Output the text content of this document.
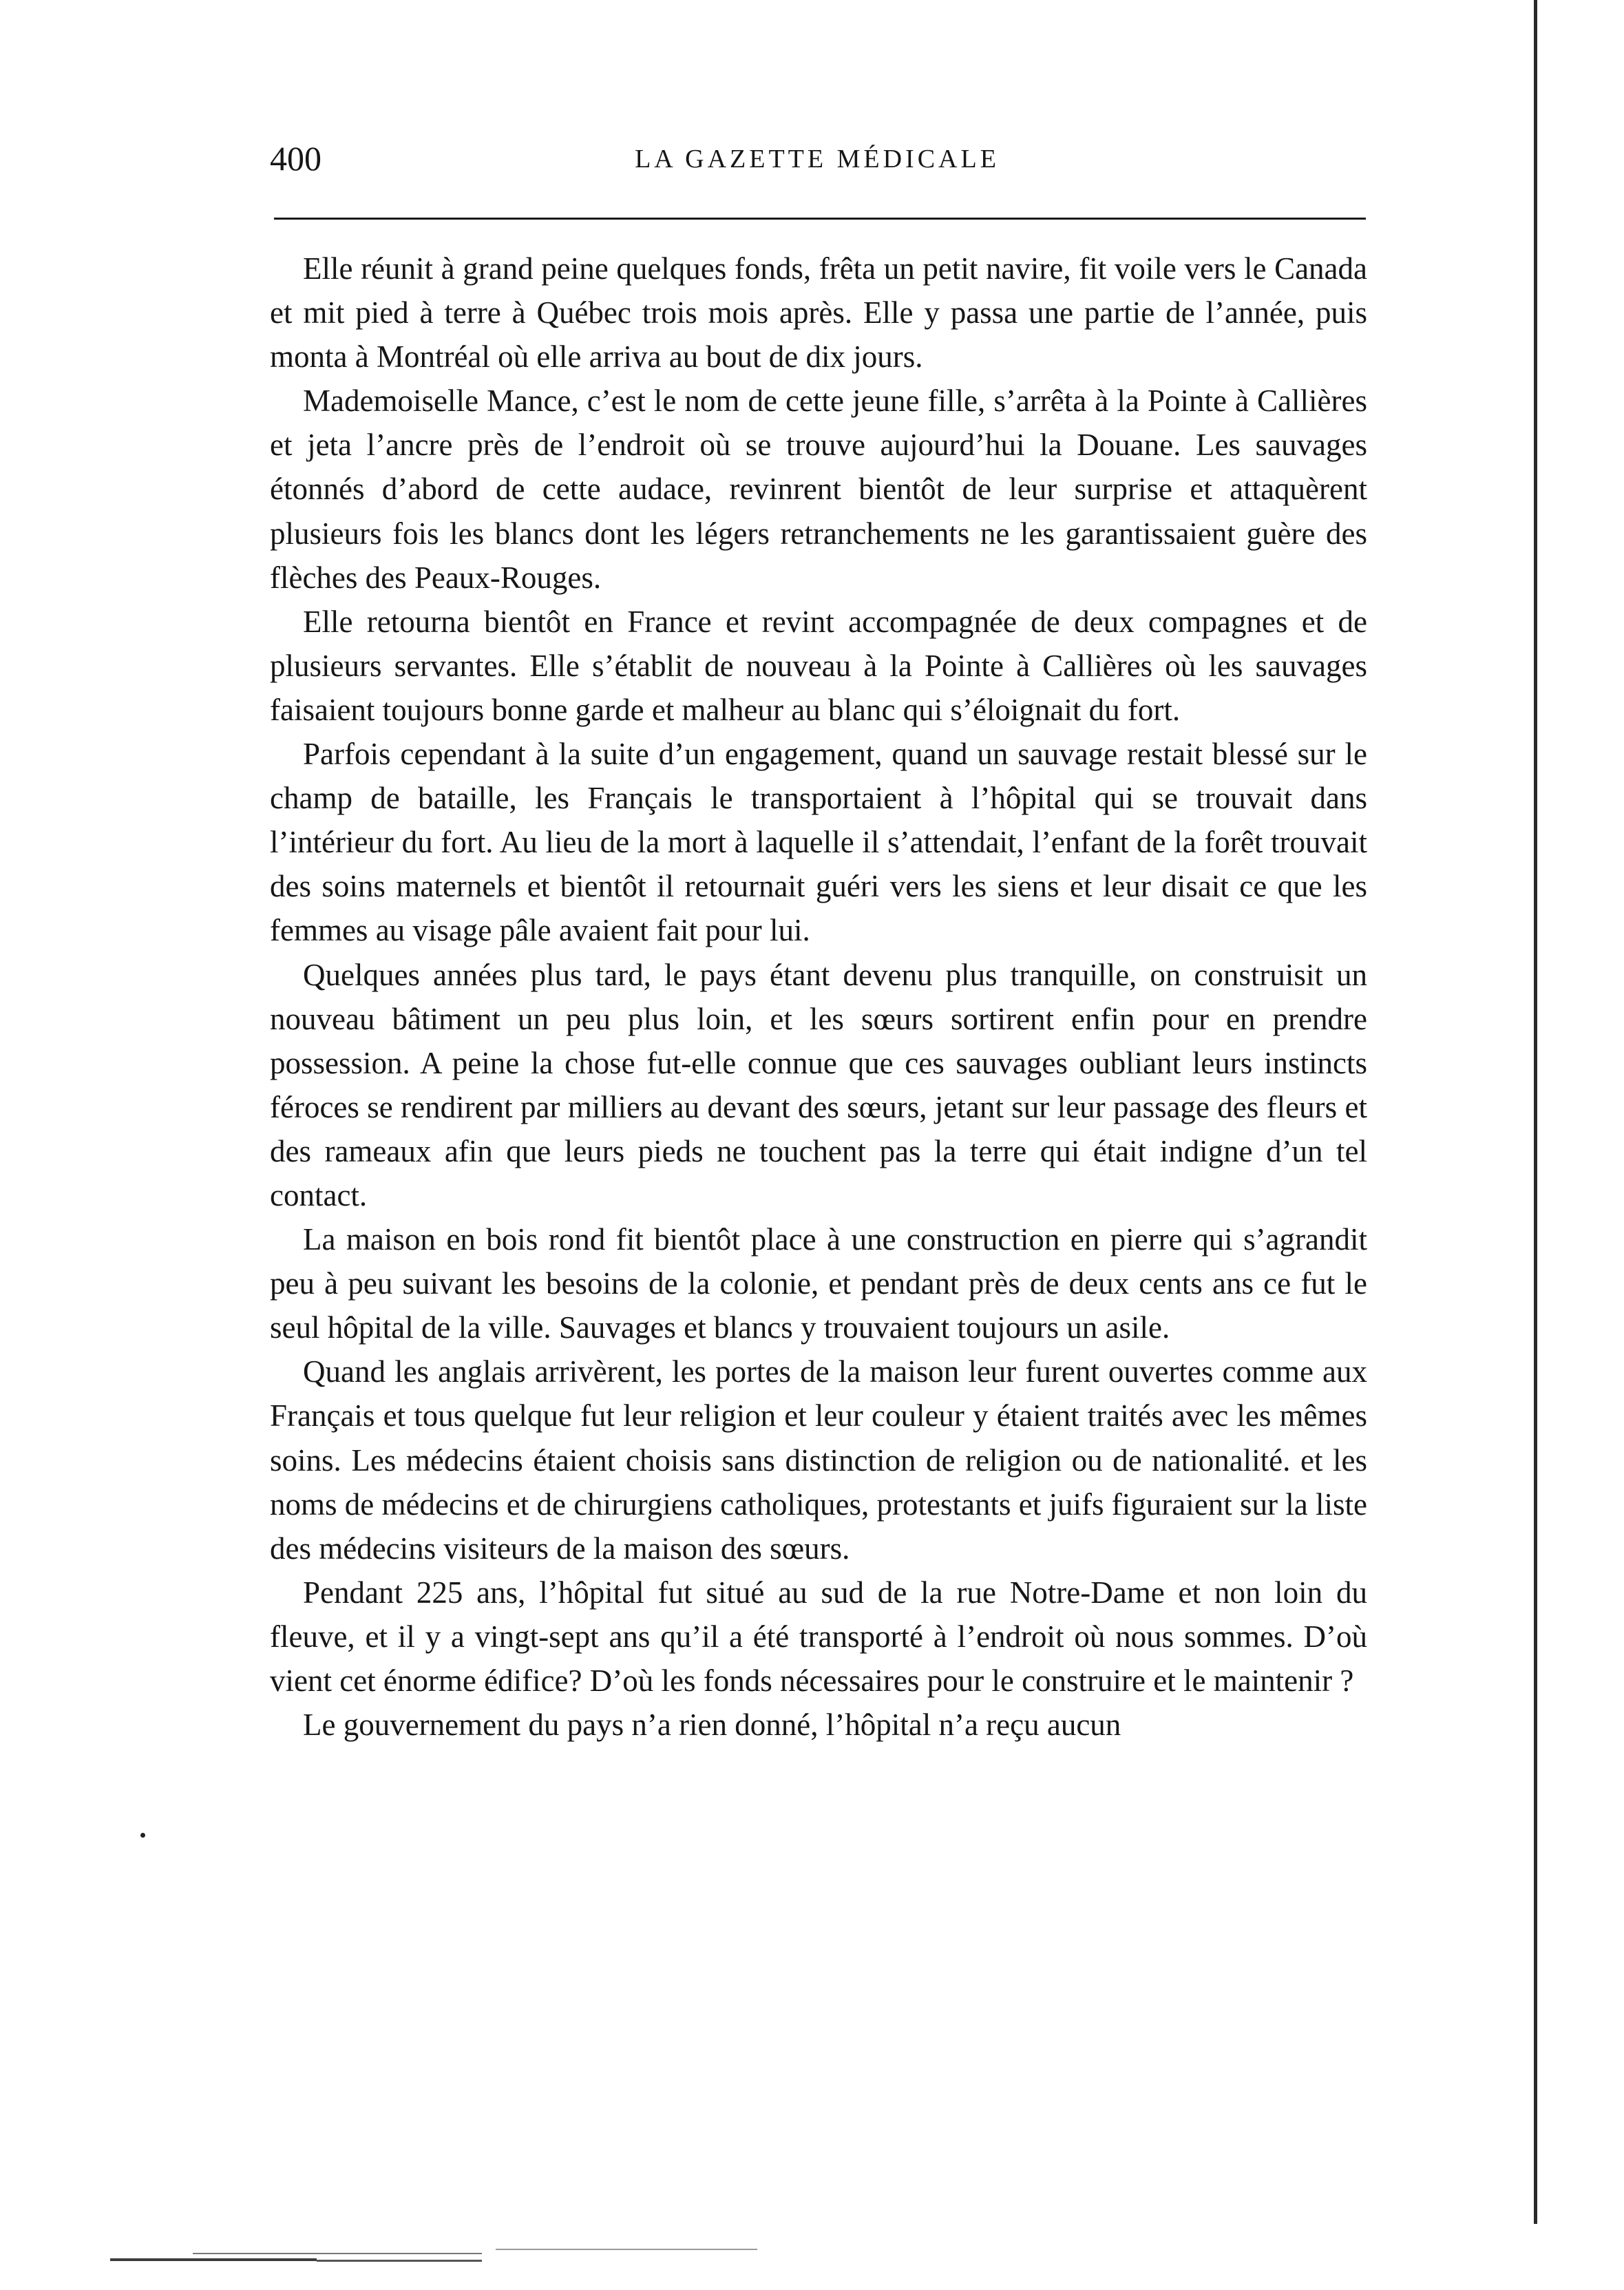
400	LA GAZETTE MÉDICALE

Elle réunit à grand peine quelques fonds, frêta un petit navire, fit voile vers le Canada et mit pied à terre à Québec trois mois après. Elle y passa une partie de l’année, puis monta à Montréal où elle arriva au bout de dix jours.

Mademoiselle Mance, c’est le nom de cette jeune fille, s’arrêta à la Pointe à Callières et jeta l’ancre près de l’endroit où se trouve aujourd’hui la Douane. Les sauvages étonnés d’abord de cette audace, revinrent bientôt de leur surprise et attaquèrent plusieurs fois les blancs dont les légers retranchements ne les garantissaient guère des flèches des Peaux-Rouges.

Elle retourna bientôt en France et revint accompagnée de deux compagnes et de plusieurs servantes. Elle s’établit de nouveau à la Pointe à Callières où les sauvages faisaient toujours bonne garde et malheur au blanc qui s’éloignait du fort.

Parfois cependant à la suite d’un engagement, quand un sauvage restait blessé sur le champ de bataille, les Français le transportaient à l’hôpital qui se trouvait dans l’intérieur du fort. Au lieu de la mort à laquelle il s’attendait, l’enfant de la forêt trouvait des soins maternels et bientôt il retournait guéri vers les siens et leur disait ce que les femmes au visage pâle avaient fait pour lui.

Quelques années plus tard, le pays étant devenu plus tranquille, on construisit un nouveau bâtiment un peu plus loin, et les sœurs sortirent enfin pour en prendre possession. A peine la chose fut-elle connue que ces sauvages oubliant leurs instincts féroces se rendirent par milliers au devant des sœurs, jetant sur leur passage des fleurs et des rameaux afin que leurs pieds ne touchent pas la terre qui était indigne d’un tel contact.

La maison en bois rond fit bientôt place à une construction en pierre qui s’agrandit peu à peu suivant les besoins de la colonie, et pendant près de deux cents ans ce fut le seul hôpital de la ville. Sauvages et blancs y trouvaient toujours un asile.

Quand les anglais arrivèrent, les portes de la maison leur furent ouvertes comme aux Français et tous quelque fut leur religion et leur couleur y étaient traités avec les mêmes soins. Les médecins étaient choisis sans distinction de religion ou de nationalité. et les noms de médecins et de chirurgiens catholiques, protestants et juifs figuraient sur la liste des médecins visiteurs de la maison des sœurs.

Pendant 225 ans, l’hôpital fut situé au sud de la rue Notre-Dame et non loin du fleuve, et il y a vingt-sept ans qu’il a été transporté à l’endroit où nous sommes. D’où vient cet énorme édifice? D’où les fonds nécessaires pour le construire et le maintenir ?

Le gouvernement du pays n’a rien donné, l’hôpital n’a reçu aucun
